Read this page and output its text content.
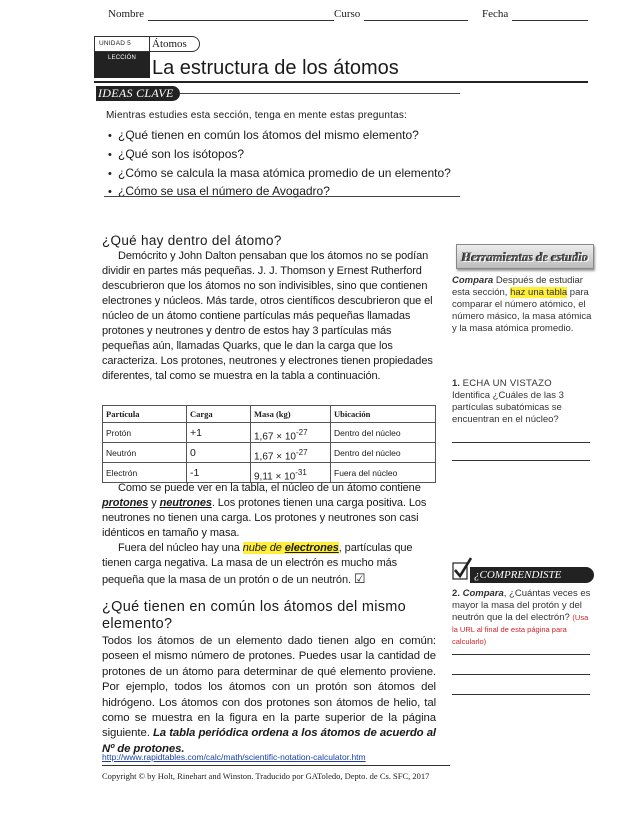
Nombre	Curso	Fecha
UNIDAD 5
LECCIÓN
Átomos
La estructura de los átomos
IDEAS CLAVE
Mientras estudies esta sección, tenga en mente estas preguntas:
• ¿Qué tienen en común los átomos del mismo elemento?
• ¿Qué son los isótopos?
• ¿Cómo se calcula la masa atómica promedio de un elemento?
• ¿Cómo se usa el número de Avogadro?
¿Qué hay dentro del átomo?
Demócrito y John Dalton pensaban que los átomos no se podían dividir en partes más pequeñas. J. J. Thomson y Ernest Rutherford descubrieron que los átomos no son indivisibles, sino que contienen electrones y núcleos. Más tarde, otros científicos descubrieron que el núcleo de un átomo contiene partículas más pequeñas llamadas protones y neutrones y dentro de estos hay 3 partículas más pequeñas aún, llamadas Quarks, que le dan la carga que los caracteriza. Los protones, neutrones y electrones tienen propiedades diferentes, tal como se muestra en la tabla a continuación.
Partícula	Carga	Masa (kg)	Ubicación
Protón	+1	$1,67 \times 10^{-27}$	Dentro del núcleo
Neutrón	0	$1,67 \times 10^{-27}$	Dentro del núcleo
Electrón	-1	$9,11 \times 10^{-31}$	Fuera del núcleo
Como se puede ver en la tabla, el núcleo de un átomo contiene protones y neutrones. Los protones tienen una carga positiva. Los neutrones no tienen una carga. Los protones y neutrones son casi idénticos en tamaño y masa.
Fuera del núcleo hay una nube de electrones, partículas que tienen carga negativa. La masa de un electrón es mucho más pequeña que la masa de un protón o de un neutrón. ☑
¿Qué tienen en común los átomos del mismo elemento?
Todos los átomos de un elemento dado tienen algo en común: poseen el mismo número de protones. Puedes usar la cantidad de protones de un átomo para determinar de qué elemento proviene. Por ejemplo, todos los átomos con un protón son átomos del hidrógeno. Los átomos con dos protones son átomos de helio, tal como se muestra en la figura en la parte superior de la página siguiente. La tabla periódica ordena a los átomos de acuerdo al Nº de protones.
http://www.rapidtables.com/calc/math/scientific-notation-calculator.htm
Copyright © by Holt, Rinehart and Winston. Traducido por GAToledo, Depto. de Cs. SFC, 2017
Herramientas de estudio
Compara Después de estudiar esta sección, haz una tabla para comparar el número atómico, el número másico, la masa atómica y la masa atómica promedio.
1. ECHA UN VISTAZO
Identifica ¿Cuáles de las 3 partículas subatómicas se encuentran en el núcleo?
¿COMPRENDISTE
2. Compara, ¿Cuántas veces es mayor la masa del protón y del neutrón que la del electrón? (Usa la URL al final de esta página para calcularlo)
